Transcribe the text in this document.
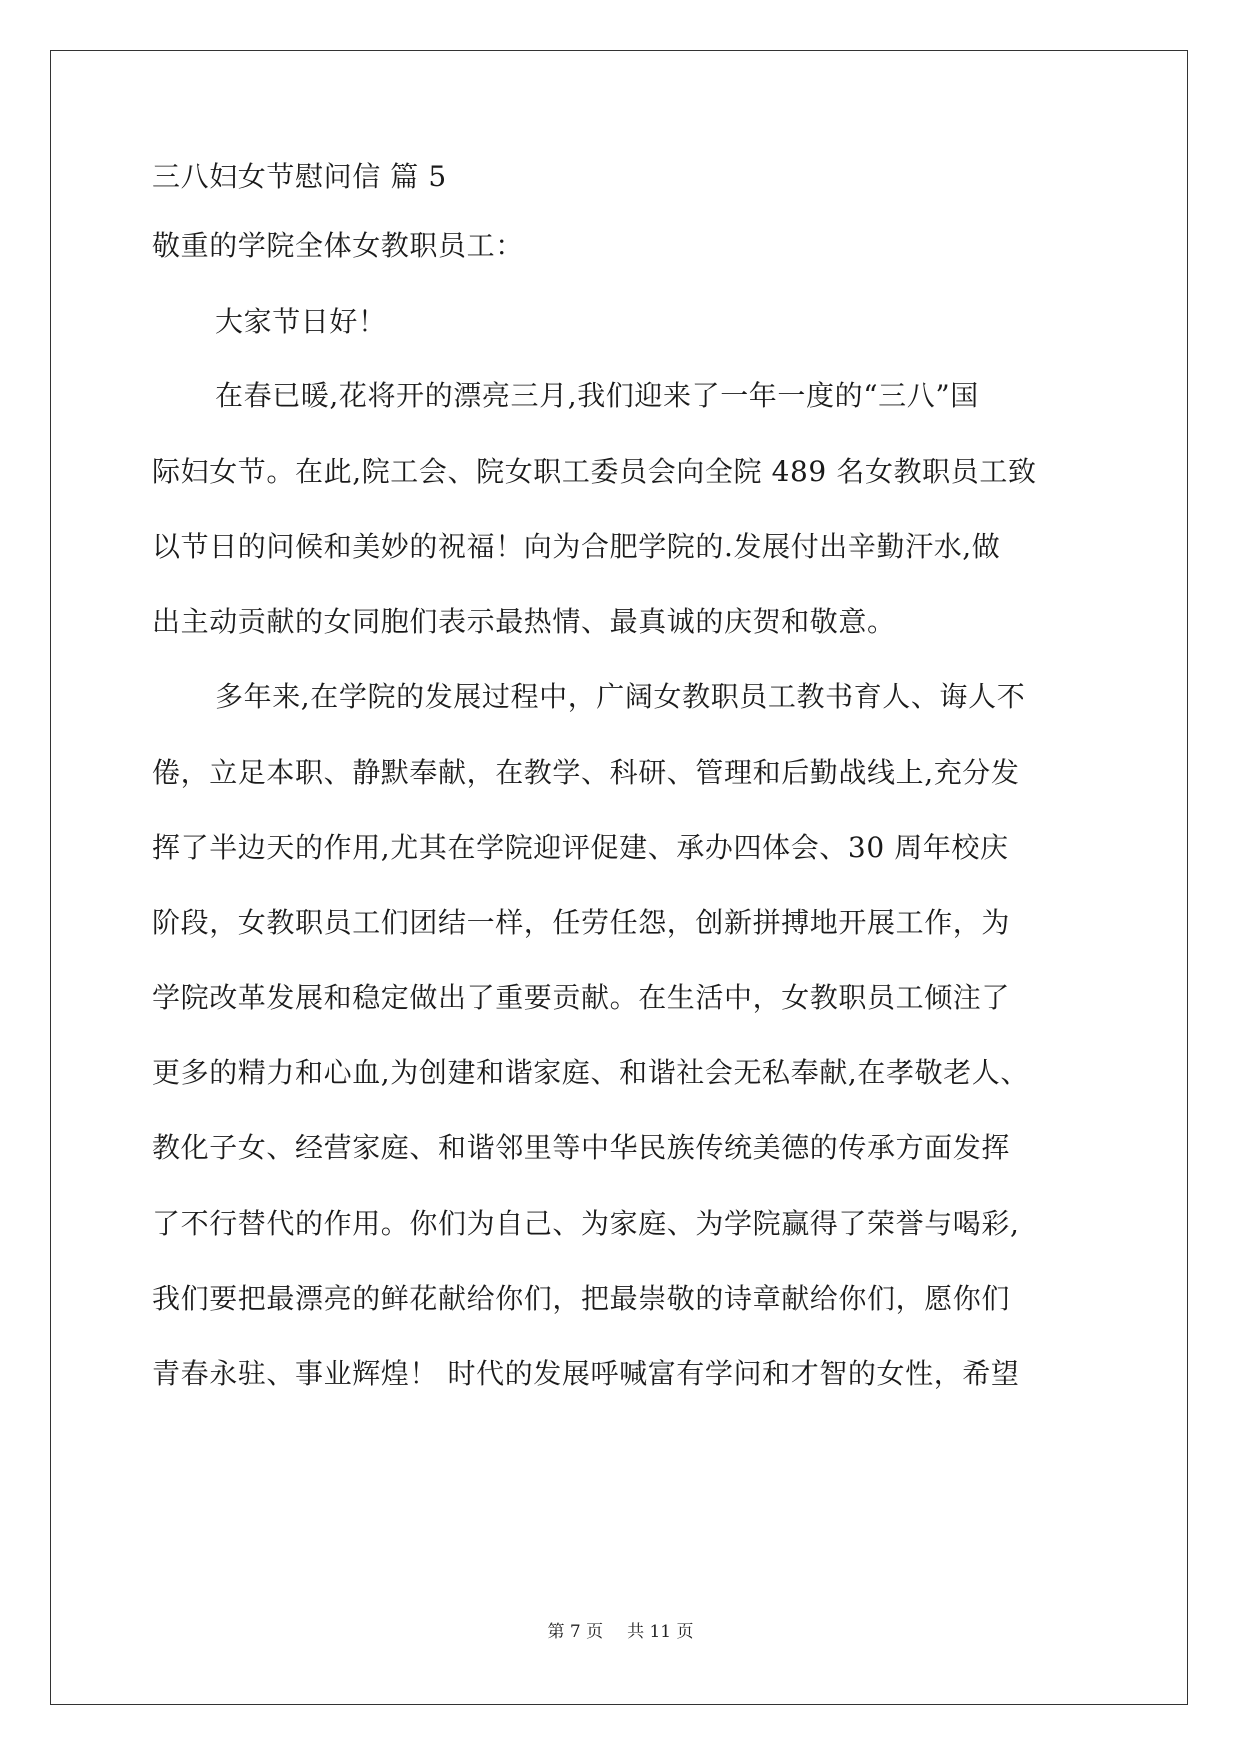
三八妇女节慰问信 篇 5
敬重的学院全体女教职员工：
大家节日好！
在春已暖,花将开的漂亮三月,我们迎来了一年一度的“三八”国
际妇女节。在此,院工会、院女职工委员会向全院 489 名女教职员工致
以节日的问候和美妙的祝福！向为合肥学院的.发展付出辛勤汗水,做
出主动贡献的女同胞们表示最热情、最真诚的庆贺和敬意。
多年来,在学院的发展过程中，广阔女教职员工教书育人、诲人不
倦，立足本职、静默奉献，在教学、科研、管理和后勤战线上,充分发
挥了半边天的作用,尤其在学院迎评促建、承办四体会、30 周年校庆
阶段，女教职员工们团结一样，任劳任怨，创新拼搏地开展工作，为
学院改革发展和稳定做出了重要贡献。在生活中，女教职员工倾注了
更多的精力和心血,为创建和谐家庭、和谐社会无私奉献,在孝敬老人、
教化子女、经营家庭、和谐邻里等中华民族传统美德的传承方面发挥
了不行替代的作用。你们为自己、为家庭、为学院赢得了荣誉与喝彩,
我们要把最漂亮的鲜花献给你们，把最崇敬的诗章献给你们，愿你们
青春永驻、事业辉煌！ 时代的发展呼喊富有学问和才智的女性，希望
第 7 页 共 11 页
